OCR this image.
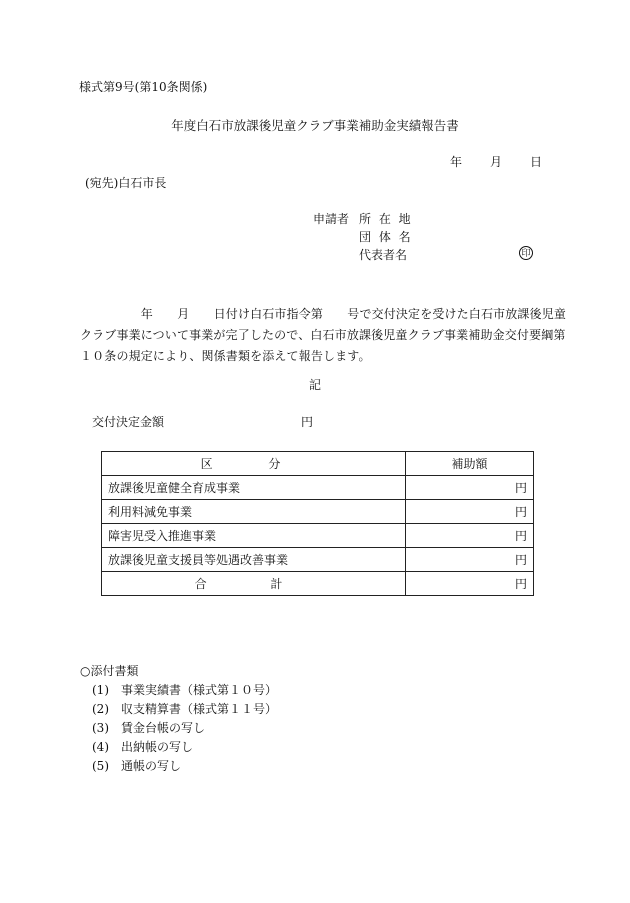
様式第9号(第10条関係)
年度白石市放課後児童クラブ事業補助金実績報告書
年 月 日
(宛先)白石市長
申請者 所 在 地
団 体 名
代表者名	印
　　　　　年　　月　　日付け白石市指令第　　号で交付決定を受けた白石市放課後児童
クラブ事業について事業が完了したので、白石市放課後児童クラブ事業補助金交付要綱第
１０条の規定により、関係書類を添えて報告します。
記
交付決定金額	円
区 分	補助額
放課後児童健全育成事業	円
利用料減免事業	円
障害児受入推進事業	円
放課後児童支援員等処遇改善事業	円
合 計	円
○添付書類
(1) 事業実績書（様式第１０号）
(2) 収支精算書（様式第１１号）
(3) 賃金台帳の写し
(4) 出納帳の写し
(5) 通帳の写し
